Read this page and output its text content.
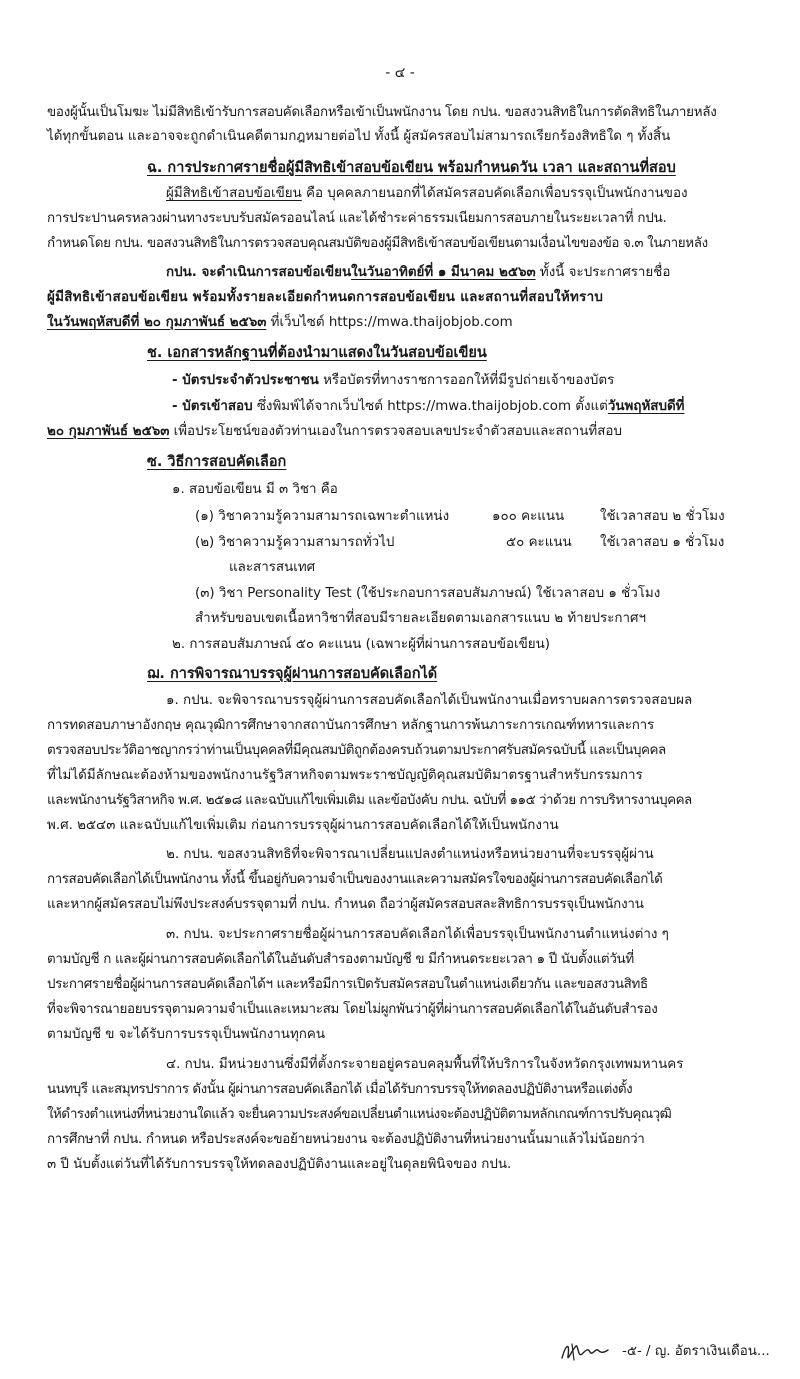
- ๔ -
ของผู้นั้นเป็นโมฆะ ไม่มีสิทธิเข้ารับการสอบคัดเลือกหรือเข้าเป็นพนักงาน โดย กปน. ขอสงวนสิทธิในการตัดสิทธิในภายหลัง
ได้ทุกขั้นตอน และอาจจะถูกดำเนินคดีตามกฎหมายต่อไป ทั้งนี้ ผู้สมัครสอบไม่สามารถเรียกร้องสิทธิใด ๆ ทั้งสิ้น
ฉ. การประกาศรายชื่อผู้มีสิทธิเข้าสอบข้อเขียน พร้อมกำหนดวัน เวลา และสถานที่สอบ
ผู้มีสิทธิเข้าสอบข้อเขียน คือ บุคคลภายนอกที่ได้สมัครสอบคัดเลือกเพื่อบรรจุเป็นพนักงานของ
การประปานครหลวงผ่านทางระบบรับสมัครออนไลน์ และได้ชำระค่าธรรมเนียมการสอบภายในระยะเวลาที่ กปน.
กำหนดโดย กปน. ขอสงวนสิทธิในการตรวจสอบคุณสมบัติของผู้มีสิทธิเข้าสอบข้อเขียนตามเงื่อนไขของข้อ จ.๓ ในภายหลัง
กปน. จะดำเนินการสอบข้อเขียนในวันอาทิตย์ที่ ๑ มีนาคม ๒๕๖๓ ทั้งนี้ จะประกาศรายชื่อ
ผู้มีสิทธิเข้าสอบข้อเขียน พร้อมทั้งรายละเอียดกำหนดการสอบข้อเขียน และสถานที่สอบให้ทราบ
ในวันพฤหัสบดีที่ ๒๐ กุมภาพันธ์ ๒๕๖๓ ที่เว็บไซต์ https://mwa.thaijobjob.com
ช. เอกสารหลักฐานที่ต้องนำมาแสดงในวันสอบข้อเขียน
- บัตรประจำตัวประชาชน หรือบัตรที่ทางราชการออกให้ที่มีรูปถ่ายเจ้าของบัตร
- บัตรเข้าสอบ ซึ่งพิมพ์ได้จากเว็บไซต์ https://mwa.thaijobjob.com ตั้งแต่วันพฤหัสบดีที่
๒๐ กุมภาพันธ์ ๒๕๖๓ เพื่อประโยชน์ของตัวท่านเองในการตรวจสอบเลขประจำตัวสอบและสถานที่สอบ
ซ. วิธีการสอบคัดเลือก
๑. สอบข้อเขียน มี ๓ วิชา คือ
(๑) วิชาความรู้ความสามารถเฉพาะตำแหน่ง	๑๐๐ คะแนน	ใช้เวลาสอบ ๒ ชั่วโมง
(๒) วิชาความรู้ความสามารถทั่วไป	๕๐ คะแนน ใช้เวลาสอบ ๑ ชั่วโมง
และสารสนเทศ
(๓) วิชา Personality Test (ใช้ประกอบการสอบสัมภาษณ์) ใช้เวลาสอบ ๑ ชั่วโมง
สำหรับขอบเขตเนื้อหาวิชาที่สอบมีรายละเอียดตามเอกสารแนบ ๒ ท้ายประกาศฯ
๒. การสอบสัมภาษณ์ ๕๐ คะแนน (เฉพาะผู้ที่ผ่านการสอบข้อเขียน)
ฌ. การพิจารณาบรรจุผู้ผ่านการสอบคัดเลือกได้
๑. กปน. จะพิจารณาบรรจุผู้ผ่านการสอบคัดเลือกได้เป็นพนักงานเมื่อทราบผลการตรวจสอบผล
การทดสอบภาษาอังกฤษ คุณวุฒิการศึกษาจากสถาบันการศึกษา หลักฐานการพ้นภาระการเกณฑ์ทหารและการ
ตรวจสอบประวัติอาชญากรว่าท่านเป็นบุคคลที่มีคุณสมบัติถูกต้องครบถ้วนตามประกาศรับสมัครฉบับนี้ และเป็นบุคคล
ที่ไม่ได้มีลักษณะต้องห้ามของพนักงานรัฐวิสาหกิจตามพระราชบัญญัติคุณสมบัติมาตรฐานสำหรับกรรมการ
และพนักงานรัฐวิสาหกิจ พ.ศ. ๒๕๑๘ และฉบับแก้ไขเพิ่มเติม และข้อบังคับ กปน. ฉบับที่ ๑๑๕ ว่าด้วย การบริหารงานบุคคล
พ.ศ. ๒๕๔๓ และฉบับแก้ไขเพิ่มเติม ก่อนการบรรจุผู้ผ่านการสอบคัดเลือกได้ให้เป็นพนักงาน
๒. กปน. ขอสงวนสิทธิที่จะพิจารณาเปลี่ยนแปลงตำแหน่งหรือหน่วยงานที่จะบรรจุผู้ผ่าน
การสอบคัดเลือกได้เป็นพนักงาน ทั้งนี้ ขึ้นอยู่กับความจำเป็นของงานและความสมัครใจของผู้ผ่านการสอบคัดเลือกได้
และหากผู้สมัครสอบไม่พึงประสงค์บรรจุตามที่ กปน. กำหนด ถือว่าผู้สมัครสอบสละสิทธิการบรรจุเป็นพนักงาน
๓. กปน. จะประกาศรายชื่อผู้ผ่านการสอบคัดเลือกได้เพื่อบรรจุเป็นพนักงานตำแหน่งต่าง ๆ
ตามบัญชี ก และผู้ผ่านการสอบคัดเลือกได้ในอันดับสำรองตามบัญชี ข มีกำหนดระยะเวลา ๑ ปี นับตั้งแต่วันที่
ประกาศรายชื่อผู้ผ่านการสอบคัดเลือกได้ฯ และหรือมีการเปิดรับสมัครสอบในตำแหน่งเดียวกัน และขอสงวนสิทธิ
ที่จะพิจารณายอยบรรจุตามความจำเป็นและเหมาะสม โดยไม่ผูกพันว่าผู้ที่ผ่านการสอบคัดเลือกได้ในอันดับสำรอง
ตามบัญชี ข จะได้รับการบรรจุเป็นพนักงานทุกคน
๔. กปน. มีหน่วยงานซึ่งมีที่ตั้งกระจายอยู่ครอบคลุมพื้นที่ให้บริการในจังหวัดกรุงเทพมหานคร
นนทบุรี และสมุทรปราการ ดังนั้น ผู้ผ่านการสอบคัดเลือกได้ เมื่อได้รับการบรรจุให้ทดลองปฏิบัติงานหรือแต่งตั้ง
ให้ดำรงตำแหน่งที่หน่วยงานใดแล้ว จะยื่นความประสงค์ขอเปลี่ยนตำแหน่งจะต้องปฏิบัติตามหลักเกณฑ์การปรับคุณวุฒิ
การศึกษาที่ กปน. กำหนด หรือประสงค์จะขอย้ายหน่วยงาน จะต้องปฏิบัติงานที่หน่วยงานนั้นมาแล้วไม่น้อยกว่า
๓ ปี นับตั้งแต่วันที่ได้รับการบรรจุให้ทดลองปฏิบัติงานและอยู่ในดุลยพินิจของ กปน.
-๕- / ญ. อัตราเงินเดือน...
